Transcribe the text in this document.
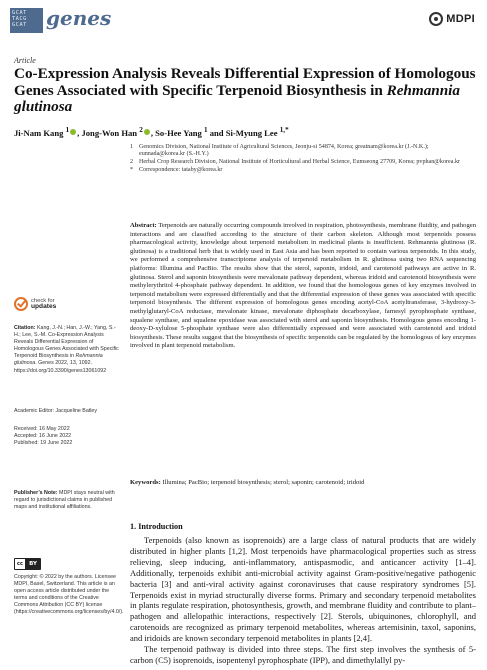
GCAT
TACG
GCAT genes	MDPI
Article
Co-Expression Analysis Reveals Differential Expression of Homologous Genes Associated with Specific Terpenoid Biosynthesis in Rehmannia glutinosa
Ji-Nam Kang $^1$ , Jong-Won Han $^2$ , So-Hee Yang $^1$ and Si-Myung Lee $^{1,*}$
1 Genomics Division, National Institute of Agricultural Sciences, Jeonju-si 54874, Korea; greatnam@korea.kr (J.-N.K.); eunnada@korea.kr (S.-H.Y.)
2 Herbal Crop Research Division, National Institute of Horticultural and Herbal Science, Eumseong 27709, Korea; pvphan@korea.kr
* Correspondence: tataby@korea.kr
Abstract: Terpenoids are naturally occurring compounds involved in respiration, photosynthesis, membrane fluidity, and pathogen interactions and are classified according to the structure of their carbon skeleton. Although most terpenoids possess pharmacological activity, knowledge about terpenoid metabolism in medicinal plants is insufficient. Rehmannia glutinosa (R. glutinosa) is a traditional herb that is widely used in East Asia and has been reported to contain various terpenoids. In this study, we performed a comprehensive transcriptome analysis of terpenoid metabolism in R. glutinosa using two RNA sequencing platforms: Illumina and PacBio. The results show that the sterol, saponin, iridoid, and carotenoid pathways are active in R. glutinosa. Sterol and saponin biosynthesis were mevalonate pathway dependent, whereas iridoid and carotenoid biosynthesis were methylerythritol 4-phosphate pathway dependent. In addition, we found that the homologous genes of key enzymes involved in terpenoid metabolism were expressed differentially and that the differential expression of these genes was associated with specific terpenoid biosynthesis. The different expression of homologous genes encoding acetyl-CoA acetyltransferase, 3-hydroxy-3-methylglutaryl-CoA reductase, mevalonate kinase, mevalonate diphosphate decarboxylase, farnesyl pyrophosphate synthase, squalene synthase, and squalene epoxidase was associated with sterol and saponin biosynthesis. Homologous genes encoding 1-deoxy-D-xylulose 5-phosphate synthase were also differentially expressed and were associated with carotenoid and iridoid biosynthesis. These results suggest that the biosynthesis of specific terpenoids can be regulated by the homologous of key enzymes involved in plant terpenoid metabolism.
Keywords: Illumina; PacBio; terpenoid biosynthesis; sterol; saponin; carotenoid; iridoid
check for
updates
Citation: Kang, J.-N.; Han, J.-W.; Yang, S.-H.; Lee, S.-M. Co-Expression Analysis Reveals Differential Expression of Homologous Genes Associated with Specific Terpenoid Biosynthesis in Rehmannia glutinosa. Genes 2022, 13, 1092. https://doi.org/10.3390/genes13061092
Academic Editor: Jacqueline Batley
Received: 16 May 2022
Accepted: 16 June 2022
Published: 19 June 2022
Publisher’s Note: MDPI stays neutral with regard to jurisdictional claims in published maps and institutional affiliations.
cc	BY
Copyright: © 2022 by the authors. Licensee MDPI, Basel, Switzerland. This article is an open access article distributed under the terms and conditions of the Creative Commons Attribution (CC BY) license (https://creativecommons.org/licenses/by/4.0/).
1. Introduction

Terpenoids (also known as isoprenoids) are a large class of natural products that are widely distributed in higher plants [1,2]. Most terpenoids have pharmacological properties such as stress relieving, sleep inducing, anti-inflammatory, antispasmodic, and anticancer activity [1–4]. Additionally, terpenoids exhibit anti-microbial activity against Gram-positive/negative pathogenic bacteria [3] and anti-viral activity against coronaviruses that cause respiratory syndromes [5]. Terpenoids exist in myriad structurally diverse forms. Primary and secondary terpenoid metabolites in plants regulate respiration, photosynthesis, growth, and membrane fluidity and contribute to plant–pathogen and allelopathic interactions, respectively [2]. Sterols, ubiquinones, chlorophyll, and carotenoids are recognized as primary terpenoid metabolites, whereas artemisinin, taxol, saponins, and iridoids are known secondary terpenoid metabolites in plants [2,4].

The terpenoid pathway is divided into three steps. The first step involves the synthesis of 5-carbon (C5) isoprenoids, isopentenyl pyrophosphate (IPP), and dimethylallyl py-
